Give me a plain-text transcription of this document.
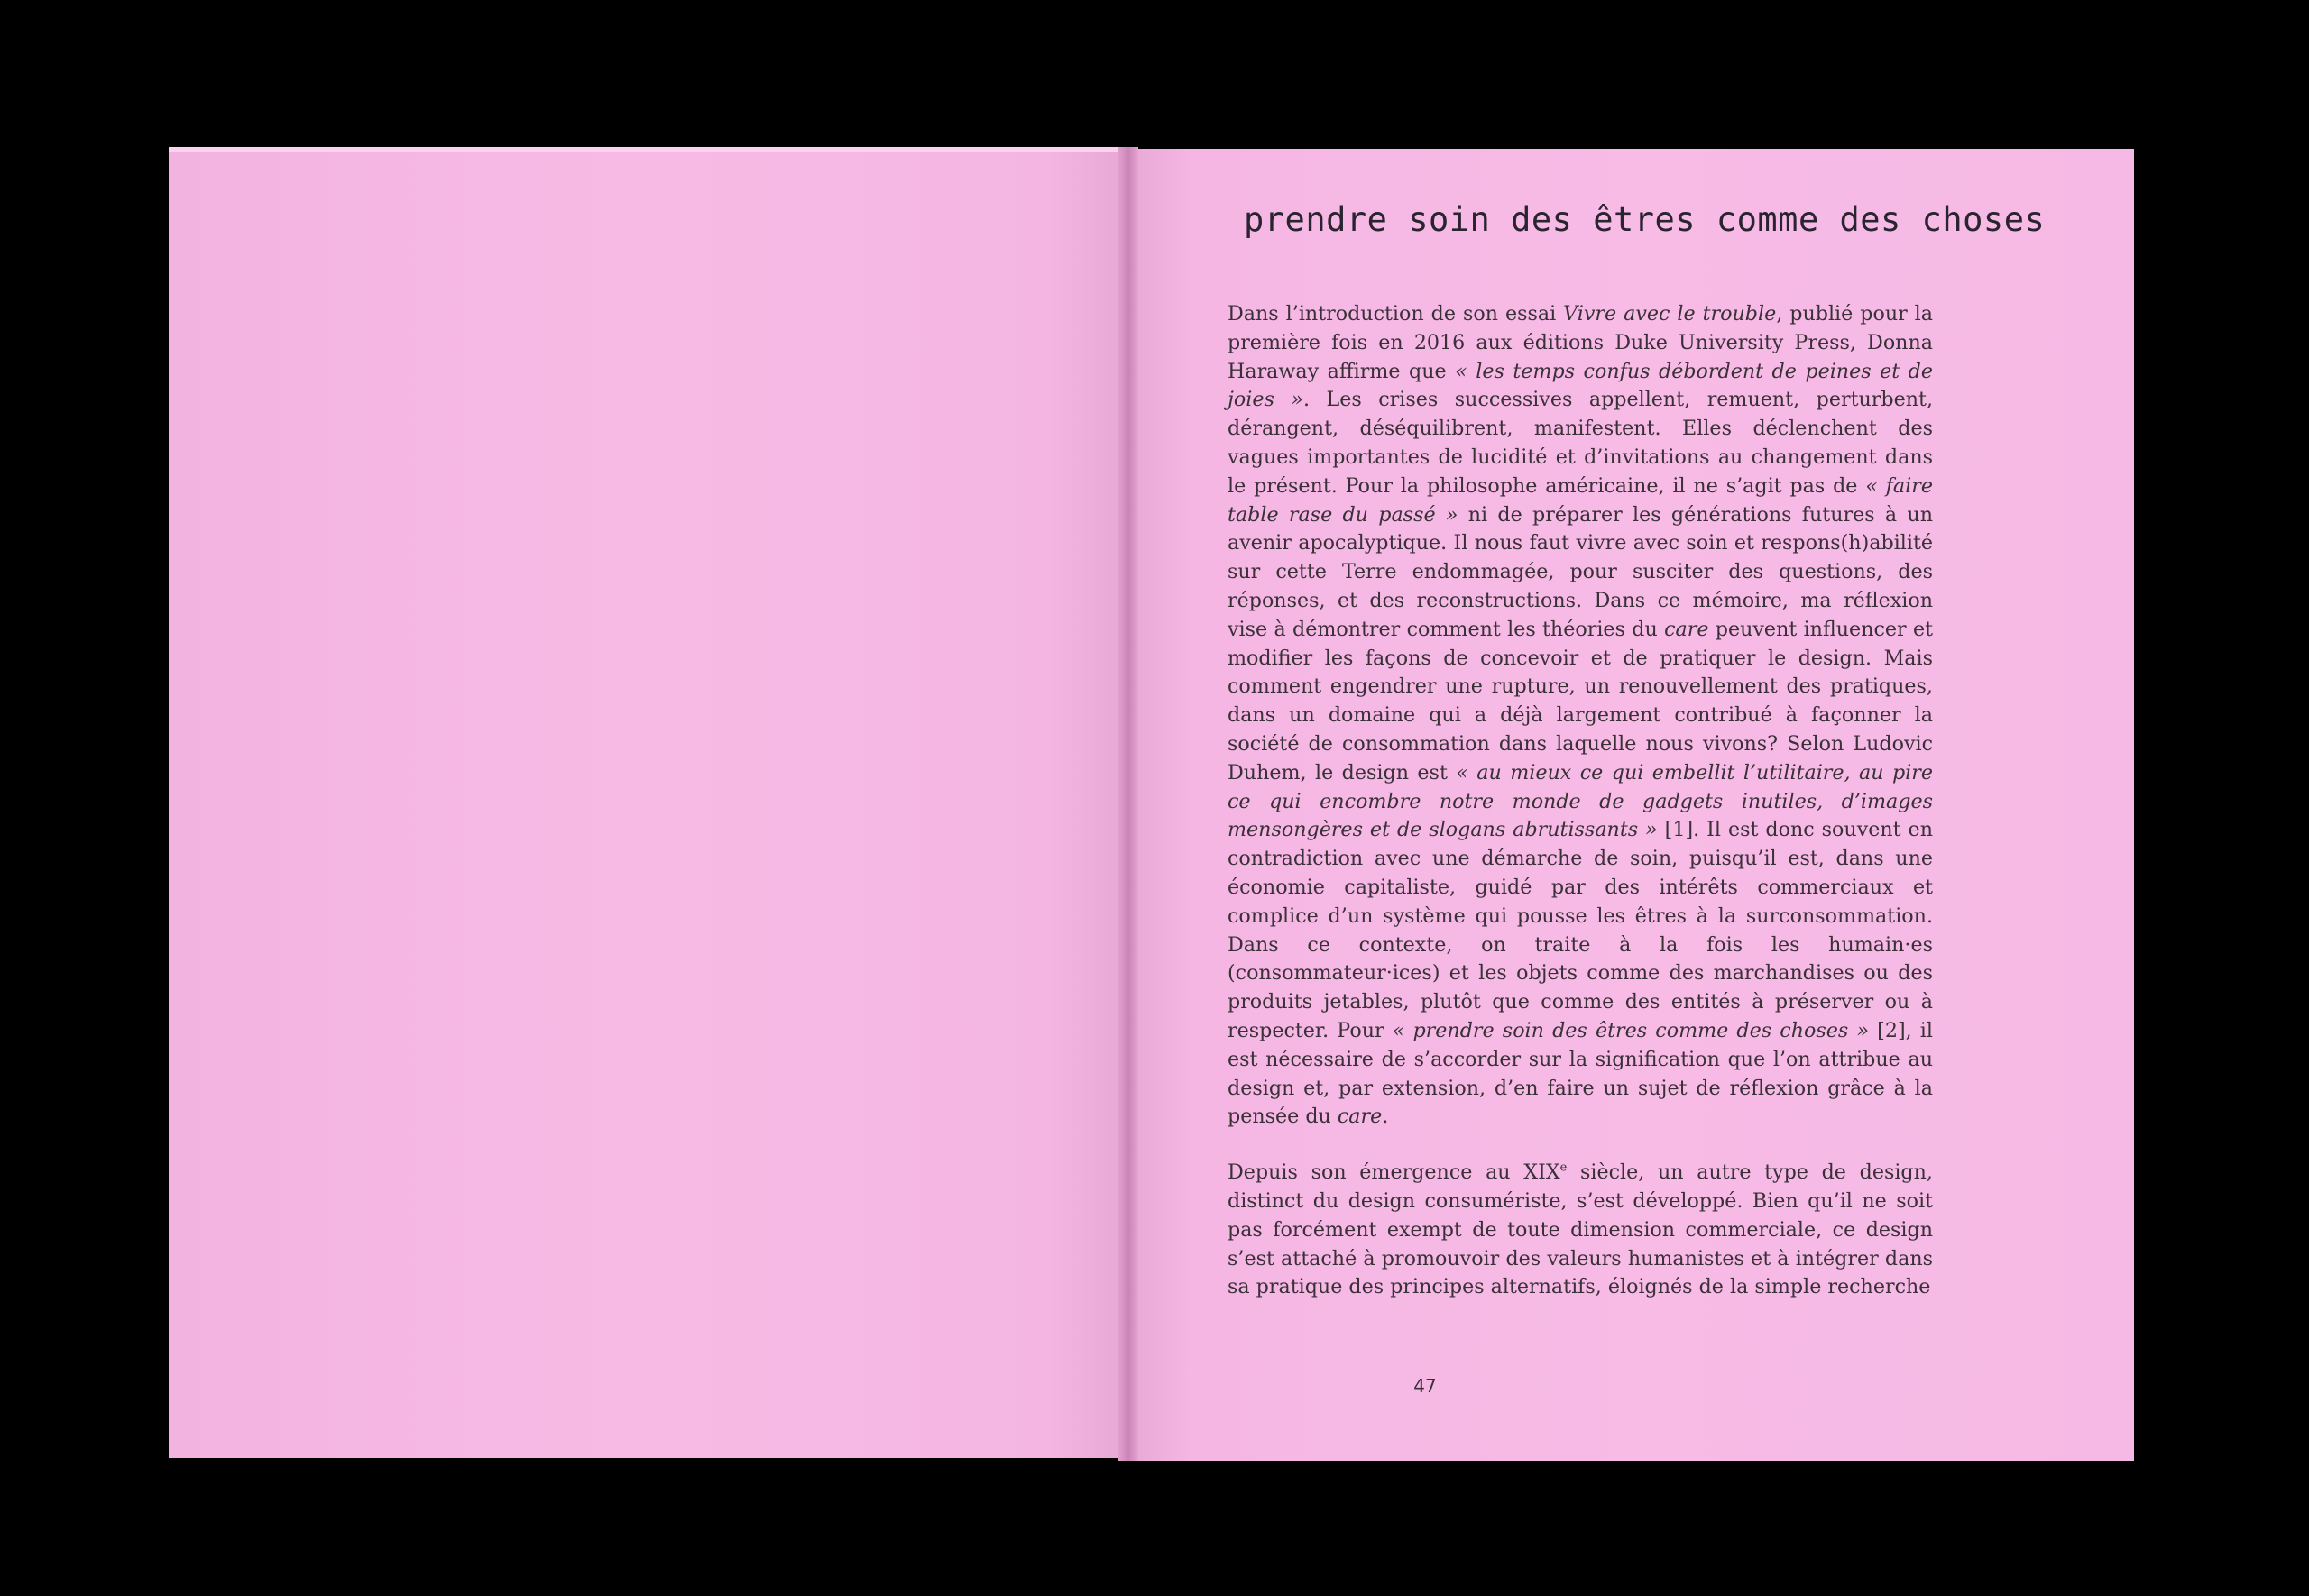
prendre soin des êtres comme des choses

Dans l’introduction de son essai Vivre avec le trouble, publié pour la première fois en 2016 aux éditions Duke University Press, Donna Haraway affirme que « les temps confus débordent de peines et de joies ». Les crises successives appellent, remuent, perturbent, dérangent, déséquilibrent, manifestent. Elles déclenchent des vagues importantes de lucidité et d’invitations au changement dans le présent. Pour la philosophe américaine, il ne s’agit pas de « faire table rase du passé » ni de préparer les générations futures à un avenir apocalyptique. Il nous faut vivre avec soin et respons(h)abilité sur cette Terre endommagée, pour susciter des questions, des réponses, et des reconstructions. Dans ce mémoire, ma réflexion vise à démontrer comment les théories du care peuvent influencer et modifier les façons de concevoir et de pratiquer le design. Mais comment engendrer une rupture, un renouvellement des pratiques, dans un domaine qui a déjà largement contribué à façonner la société de consommation dans laquelle nous vivons? Selon Ludovic Duhem, le design est « au mieux ce qui embellit l’utilitaire, au pire ce qui encombre notre monde de gadgets inutiles, d’images mensongères et de slogans abrutissants » [1]. Il est donc souvent en contradiction avec une démarche de soin, puisqu’il est, dans une économie capitaliste, guidé par des intérêts commerciaux et complice d’un système qui pousse les êtres à la surconsommation. Dans ce contexte, on traite à la fois les humain·es (consommateur·ices) et les objets comme des marchandises ou des produits jetables, plutôt que comme des entités à préserver ou à respecter. Pour « prendre soin des êtres comme des choses » [2], il est nécessaire de s’accorder sur la signification que l’on attribue au design et, par extension, d’en faire un sujet de réflexion grâce à la pensée du care.

Depuis son émergence au XIXe siècle, un autre type de design, distinct du design consumériste, s’est développé. Bien qu’il ne soit pas forcément exempt de toute dimension commerciale, ce design s’est attaché à promouvoir des valeurs humanistes et à intégrer dans sa pratique des principes alternatifs, éloignés de la simple recherche

47
